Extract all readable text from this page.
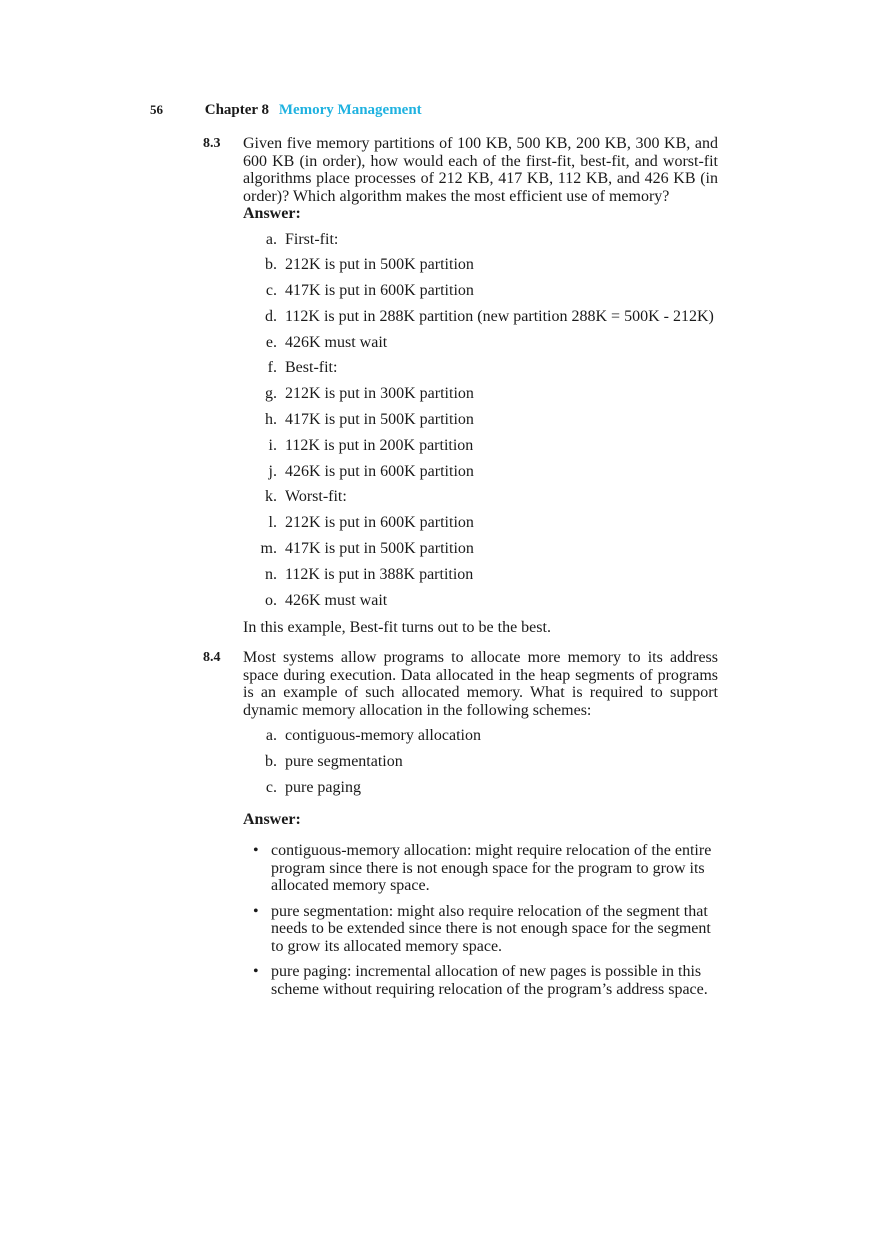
56	Chapter 8 Memory Management
8.3 Given five memory partitions of 100 KB, 500 KB, 200 KB, 300 KB, and 600 KB (in order), how would each of the first-fit, best-fit, and worst-fit algorithms place processes of 212 KB, 417 KB, 112 KB, and 426 KB (in order)? Which algorithm makes the most efficient use of memory?

Answer:
a. First-fit:
b. 212K is put in 500K partition
c. 417K is put in 600K partition
d. 112K is put in 288K partition (new partition 288K = 500K - 212K)
e. 426K must wait
f. Best-fit:
g. 212K is put in 300K partition
h. 417K is put in 500K partition
i. 112K is put in 200K partition
j. 426K is put in 600K partition
k. Worst-fit:
l. 212K is put in 600K partition
m. 417K is put in 500K partition
n. 112K is put in 388K partition
o. 426K must wait

In this example, Best-fit turns out to be the best.

8.4 Most systems allow programs to allocate more memory to its address space during execution. Data allocated in the heap segments of programs is an example of such allocated memory. What is required to support dynamic memory allocation in the following schemes:

a. contiguous-memory allocation
b. pure segmentation
c. pure paging
Answer:
• contiguous-memory allocation: might require relocation of the entire program since there is not enough space for the program to grow its allocated memory space.
• pure segmentation: might also require relocation of the segment that needs to be extended since there is not enough space for the segment to grow its allocated memory space.
• pure paging: incremental allocation of new pages is possible in this scheme without requiring relocation of the program’s address space.
